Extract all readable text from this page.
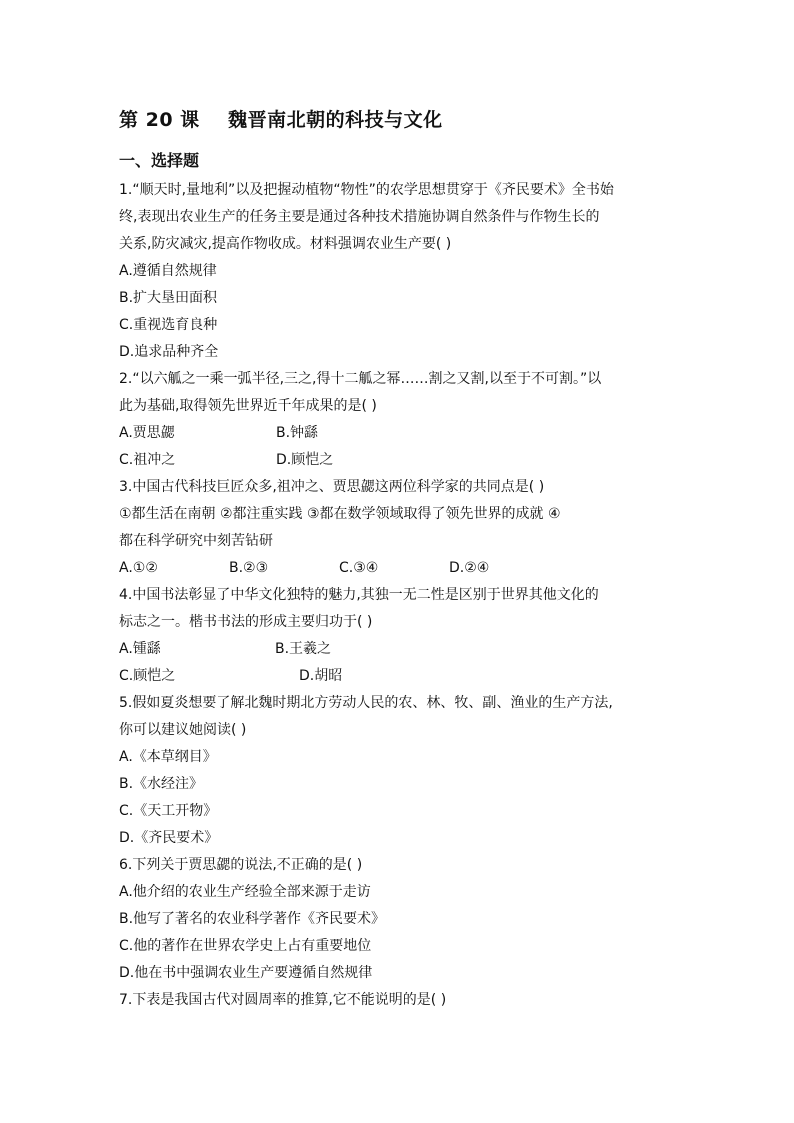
第 20 课    魏晋南北朝的科技与文化
一、选择题
1.“顺天时,量地利”以及把握动植物“物性”的农学思想贯穿于《齐民要术》全书始
终,表现出农业生产的任务主要是通过各种技术措施协调自然条件与作物生长的
关系,防灾减灾,提高作物收成。材料强调农业生产要( )
A.遵循自然规律
B.扩大垦田面积
C.重视选育良种
D.追求品种齐全
2.“以六觚之一乘一弧半径,三之,得十二觚之幂……割之又割,以至于不可割。”以
此为基础,取得领先世界近千年成果的是( )
A.贾思勰	B.钟繇
C.祖冲之	D.顾恺之
3.中国古代科技巨匠众多,祖冲之、贾思勰这两位科学家的共同点是( )
①都生活在南朝 ②都注重实践 ③都在数学领域取得了领先世界的成就 ④
都在科学研究中刻苦钻研
A.①②	B.②③	C.③④	D.②④
4.中国书法彰显了中华文化独特的魅力,其独一无二性是区别于世界其他文化的
标志之一。楷书书法的形成主要归功于( )
A.锺繇	B.王羲之
C.顾恺之	D.胡昭
5.假如夏炎想要了解北魏时期北方劳动人民的农、林、牧、副、渔业的生产方法,
你可以建议她阅读( )
A.《本草纲目》
B.《水经注》
C.《天工开物》
D.《齐民要术》
6.下列关于贾思勰的说法,不正确的是( )
A.他介绍的农业生产经验全部来源于走访
B.他写了著名的农业科学著作《齐民要术》
C.他的著作在世界农学史上占有重要地位
D.他在书中强调农业生产要遵循自然规律
7.下表是我国古代对圆周率的推算,它不能说明的是( )
